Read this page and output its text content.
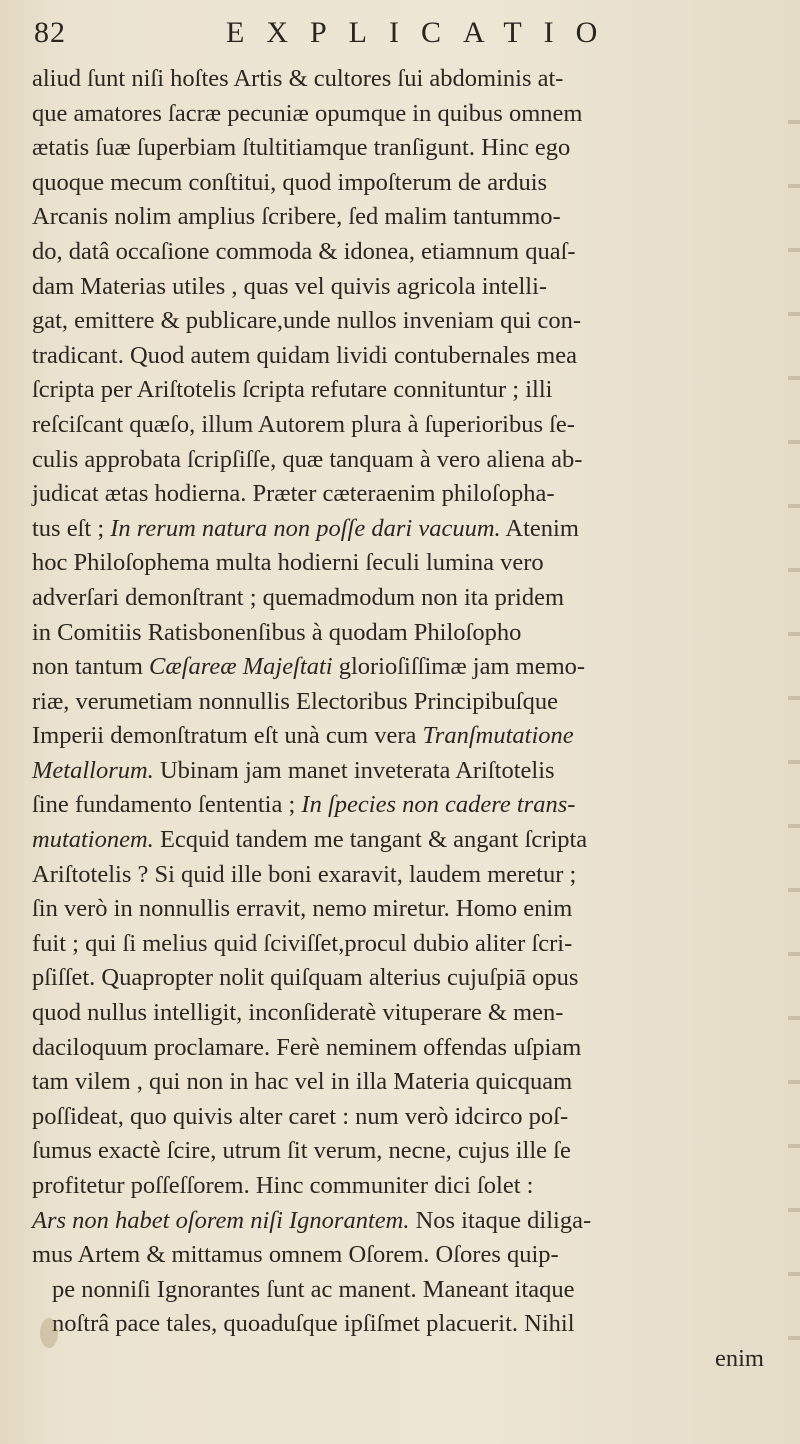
82	EXPLICATIO
aliud ſunt niſi hoſtes Artis & cultores ſui abdominis at-
que amatores ſacræ pecuniæ opumque in quibus omnem
ætatis ſuæ ſuperbiam ſtultitiamque tranſigunt. Hinc ego
quoque mecum conſtitui, quod impoſterum de arduis
Arcanis nolim amplius ſcribere, ſed malim tantummo-
do, datâ occaſione commoda & idonea, etiamnum quaſ-
dam Materias utiles , quas vel quivis agricola intelli-
gat, emittere & publicare,unde nullos inveniam qui con-
tradicant. Quod autem quidam lividi contubernales mea
ſcripta per Ariſtotelis ſcripta refutare connituntur ; illi
reſciſcant quæſo, illum Autorem plura à ſuperioribus ſe-
culis approbata ſcripſiſſe, quæ tanquam à vero aliena ab-
judicat ætas hodierna. Præter cæteraenim philoſopha-
tus eſt ; In rerum natura non poſſe dari vacuum. Atenim
hoc Philoſophema multa hodierni ſeculi lumina vero
adverſari demonſtrant ; quemadmodum non ita pridem
in Comitiis Ratisbonenſibus à quodam Philoſopho
non tantum Cæſareæ Majeſtati glorioſiſſimæ jam memo-
riæ, verumetiam nonnullis Electoribus Principibuſque
Imperii demonſtratum eſt unà cum vera Tranſmutatione
Metallorum. Ubinam jam manet inveterata Ariſtotelis
ſine fundamento ſententia ; In ſpecies non cadere trans-
mutationem. Ecquid tandem me tangant & angant ſcripta
Ariſtotelis ? Si quid ille boni exaravit, laudem meretur ;
ſin verò in nonnullis erravit, nemo miretur. Homo enim
fuit ; qui ſi melius quid ſciviſſet,procul dubio aliter ſcri-
pſiſſet. Quapropter nolit quiſquam alterius cujuſpiā opus
quod nullus intelligit, inconſideratè vituperare & men-
daciloquum proclamare. Ferè neminem offendas uſpiam
tam vilem , qui non in hac vel in illa Materia quicquam
poſſideat, quo quivis alter caret : num verò idcirco poſ-
ſumus exactè ſcire, utrum ſit verum, necne, cujus ille ſe
profitetur poſſeſſorem. Hinc communiter dici ſolet :
Ars non habet oſorem niſi Ignorantem. Nos itaque diliga-
mus Artem & mittamus omnem Oſorem. Oſores quip-
pe nonniſi Ignorantes ſunt ac manent. Maneant itaque
noſtrâ pace tales, quoaduſque ipſiſmet placuerit. Nihil
enim
